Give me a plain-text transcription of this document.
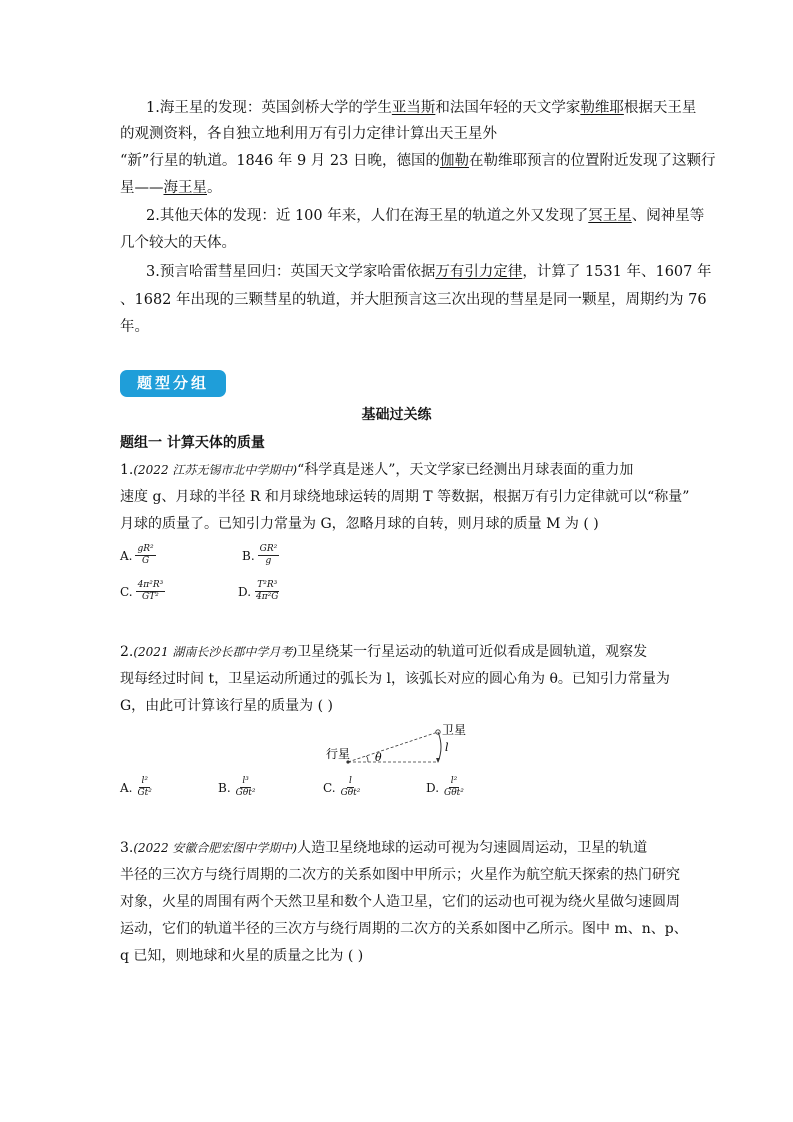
1.海王星的发现：英国剑桥大学的学生亚当斯和法国年轻的天文学家勒维耶根据天王星
的观测资料，各自独立地利用万有引力定律计算出天王星外
“新”行星的轨道。1846 年 9 月 23 日晚，德国的伽勒在勒维耶预言的位置附近发现了这颗行
星——海王星。
2.其他天体的发现：近 100 年来，人们在海王星的轨道之外又发现了冥王星、阋神星等
几个较大的天体。
3.预言哈雷彗星回归：英国天文学家哈雷依据万有引力定律，计算了 1531 年、1607 年
、1682 年出现的三颗彗星的轨道，并大胆预言这三次出现的彗星是同一颗星，周期约为 76
年。
题型分组
基础过关练
题组一 计算天体的质量
1.(2022 江苏无锡市北中学期中)“科学真是迷人”，天文学家已经测出月球表面的重力加
速度 g、月球的半径 R 和月球绕地球运转的周期 T 等数据，根据万有引力定律就可以“称量”
月球的质量了。已知引力常量为 G，忽略月球的自转，则月球的质量 M 为 ( )
A. $\frac{\text{gR²}}{G}$	B. $\frac{\text{GR²}}{g}$
C. $\frac{\text{4π²R³}}{\text{GT²}}$	D. $\frac{\text{T²R³}}{\text{4π²G}}$
2.(2021 湖南长沙长郡中学月考)卫星绕某一行星运动的轨道可近似看成是圆轨道，观察发
现每经过时间 t，卫星运动所通过的弧长为 l，该弧长对应的圆心角为 θ。已知引力常量为
G，由此可计算该行星的质量为 ( )
行星
卫星
l
θ
A. $\frac{\text{l²}}{\text{Gt²}}$	B. $\frac{\text{l³}}{\text{Gθt²}}$	C. $\frac{l}{\text{Gθt²}}$	D. $\frac{\text{l²}}{\text{Gθt²}}$
3.(2022 安徽合肥宏图中学期中)人造卫星绕地球的运动可视为匀速圆周运动，卫星的轨道
半径的三次方与绕行周期的二次方的关系如图中甲所示；火星作为航空航天探索的热门研究
对象，火星的周围有两个天然卫星和数个人造卫星，它们的运动也可视为绕火星做匀速圆周
运动，它们的轨道半径的三次方与绕行周期的二次方的关系如图中乙所示。图中 m、n、p、
q 已知，则地球和火星的质量之比为 ( )
